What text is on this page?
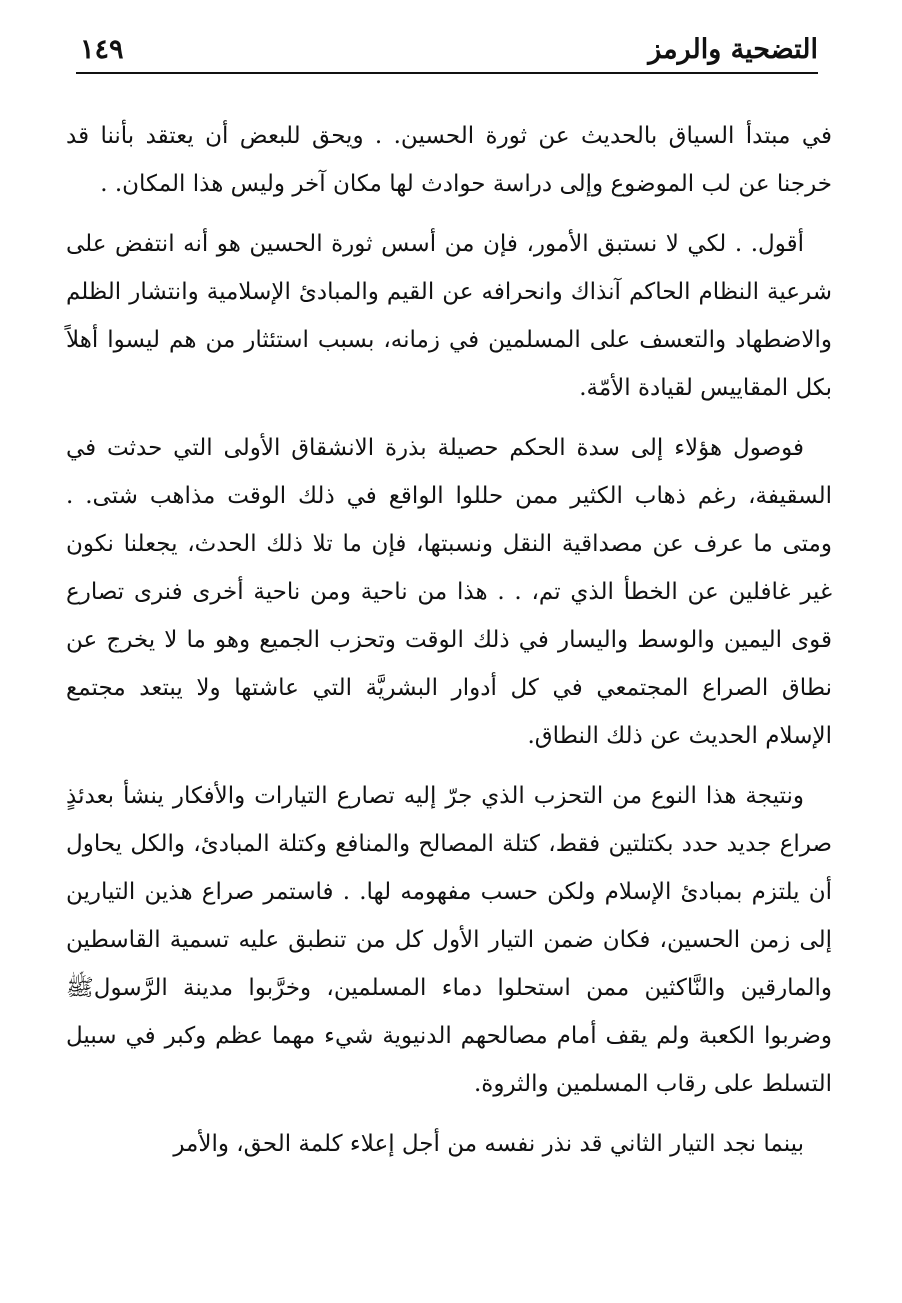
التضحية والرمز
١٤٩

في مبتدأ السياق بالحديث عن ثورة الحسين. . ويحق للبعض أن يعتقد بأننا قد خرجنا عن لب الموضوع وإلى دراسة حوادث لها مكان آخر وليس هذا المكان. .

أقول. . لكي لا نستبق الأمور، فإن من أسس ثورة الحسين هو أنه انتفض على شرعية النظام الحاكم آنذاك وانحرافه عن القيم والمبادئ الإسلامية وانتشار الظلم والاضطهاد والتعسف على المسلمين في زمانه، بسبب استئثار من هم ليسوا أهلاً بكل المقاييس لقيادة الأمّة.

فوصول هؤلاء إلى سدة الحكم حصيلة بذرة الانشقاق الأولى التي حدثت في السقيفة، رغم ذهاب الكثير ممن حللوا الواقع في ذلك الوقت مذاهب شتى. . ومتى ما عرف عن مصداقية النقل ونسبتها، فإن ما تلا ذلك الحدث، يجعلنا نكون غير غافلين عن الخطأ الذي تم، . . هذا من ناحية ومن ناحية أخرى فنرى تصارع قوى اليمين والوسط واليسار في ذلك الوقت وتحزب الجميع وهو ما لا يخرج عن نطاق الصراع المجتمعي في كل أدوار البشريَّة التي عاشتها ولا يبتعد مجتمع الإسلام الحديث عن ذلك النطاق.

ونتيجة هذا النوع من التحزب الذي جرّ إليه تصارع التيارات والأفكار ينشأ بعدئذٍ صراع جديد حدد بكتلتين فقط، كتلة المصالح والمنافع وكتلة المبادئ، والكل يحاول أن يلتزم بمبادئ الإسلام ولكن حسب مفهومه لها. . فاستمر صراع هذين التيارين إلى زمن الحسين، فكان ضمن التيار الأول كل من تنطبق عليه تسمية القاسطين والمارقين والنَّاكثين ممن استحلوا دماء المسلمين، وخرَّبوا مدينة الرَّسولﷺ وضربوا الكعبة ولم يقف أمام مصالحهم الدنيوية شيء مهما عظم وكبر في سبيل التسلط على رقاب المسلمين والثروة.

بينما نجد التيار الثاني قد نذر نفسه من أجل إعلاء كلمة الحق، والأمر
